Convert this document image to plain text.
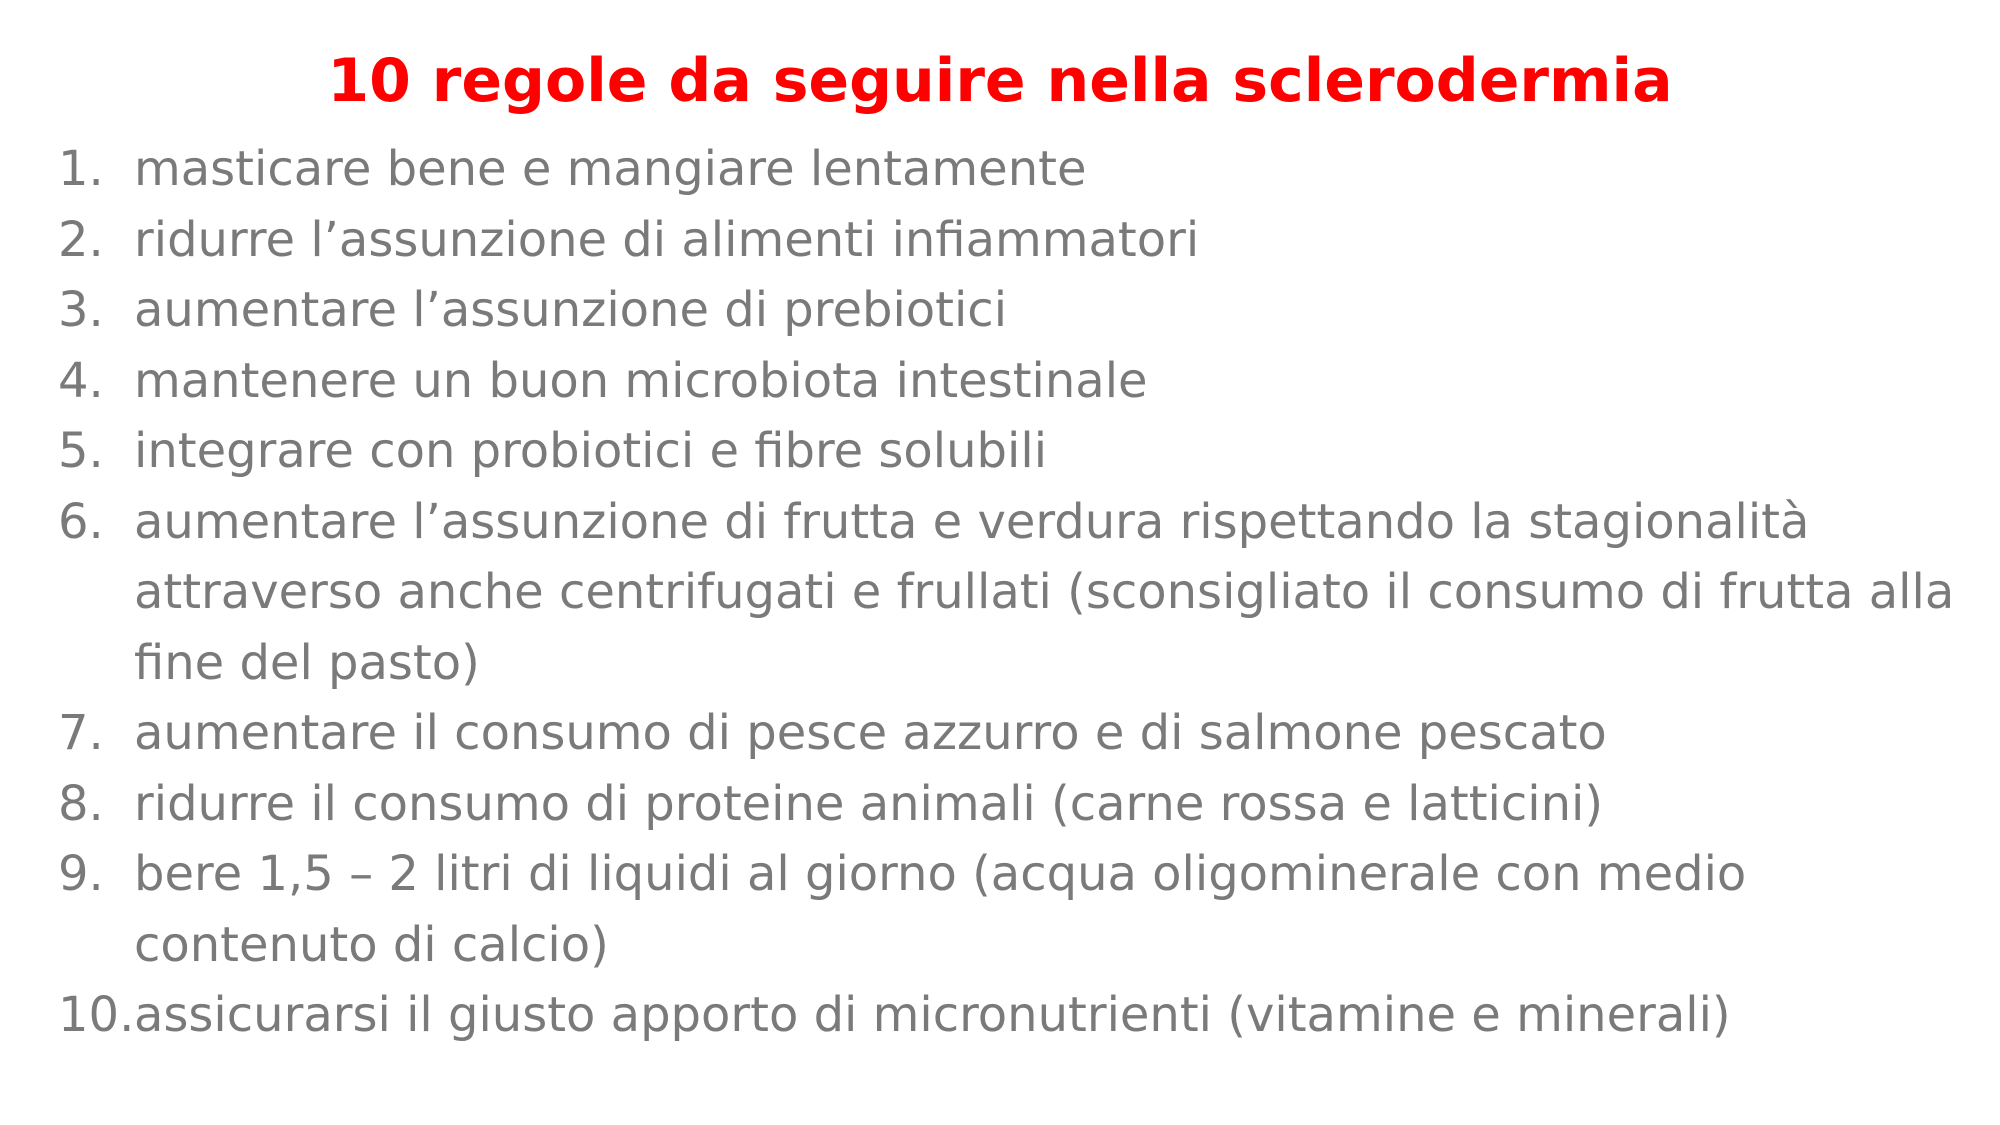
10 regole da seguire nella sclerodermia
1. masticare bene e mangiare lentamente
2. ridurre l’assunzione di alimenti infiammatori
3. aumentare l’assunzione di prebiotici
4. mantenere un buon microbiota intestinale
5. integrare con probiotici e fibre solubili
6. aumentare l’assunzione di frutta e verdura rispettando la stagionalità attraverso anche centrifugati e frullati (sconsigliato il consumo di frutta alla fine del pasto)
7. aumentare il consumo di pesce azzurro e di salmone pescato
8. ridurre il consumo di proteine animali (carne rossa e latticini)
9. bere 1,5 – 2 litri di liquidi al giorno (acqua oligominerale con medio contenuto di calcio)
10. assicurarsi il giusto apporto di micronutrienti (vitamine e minerali)
